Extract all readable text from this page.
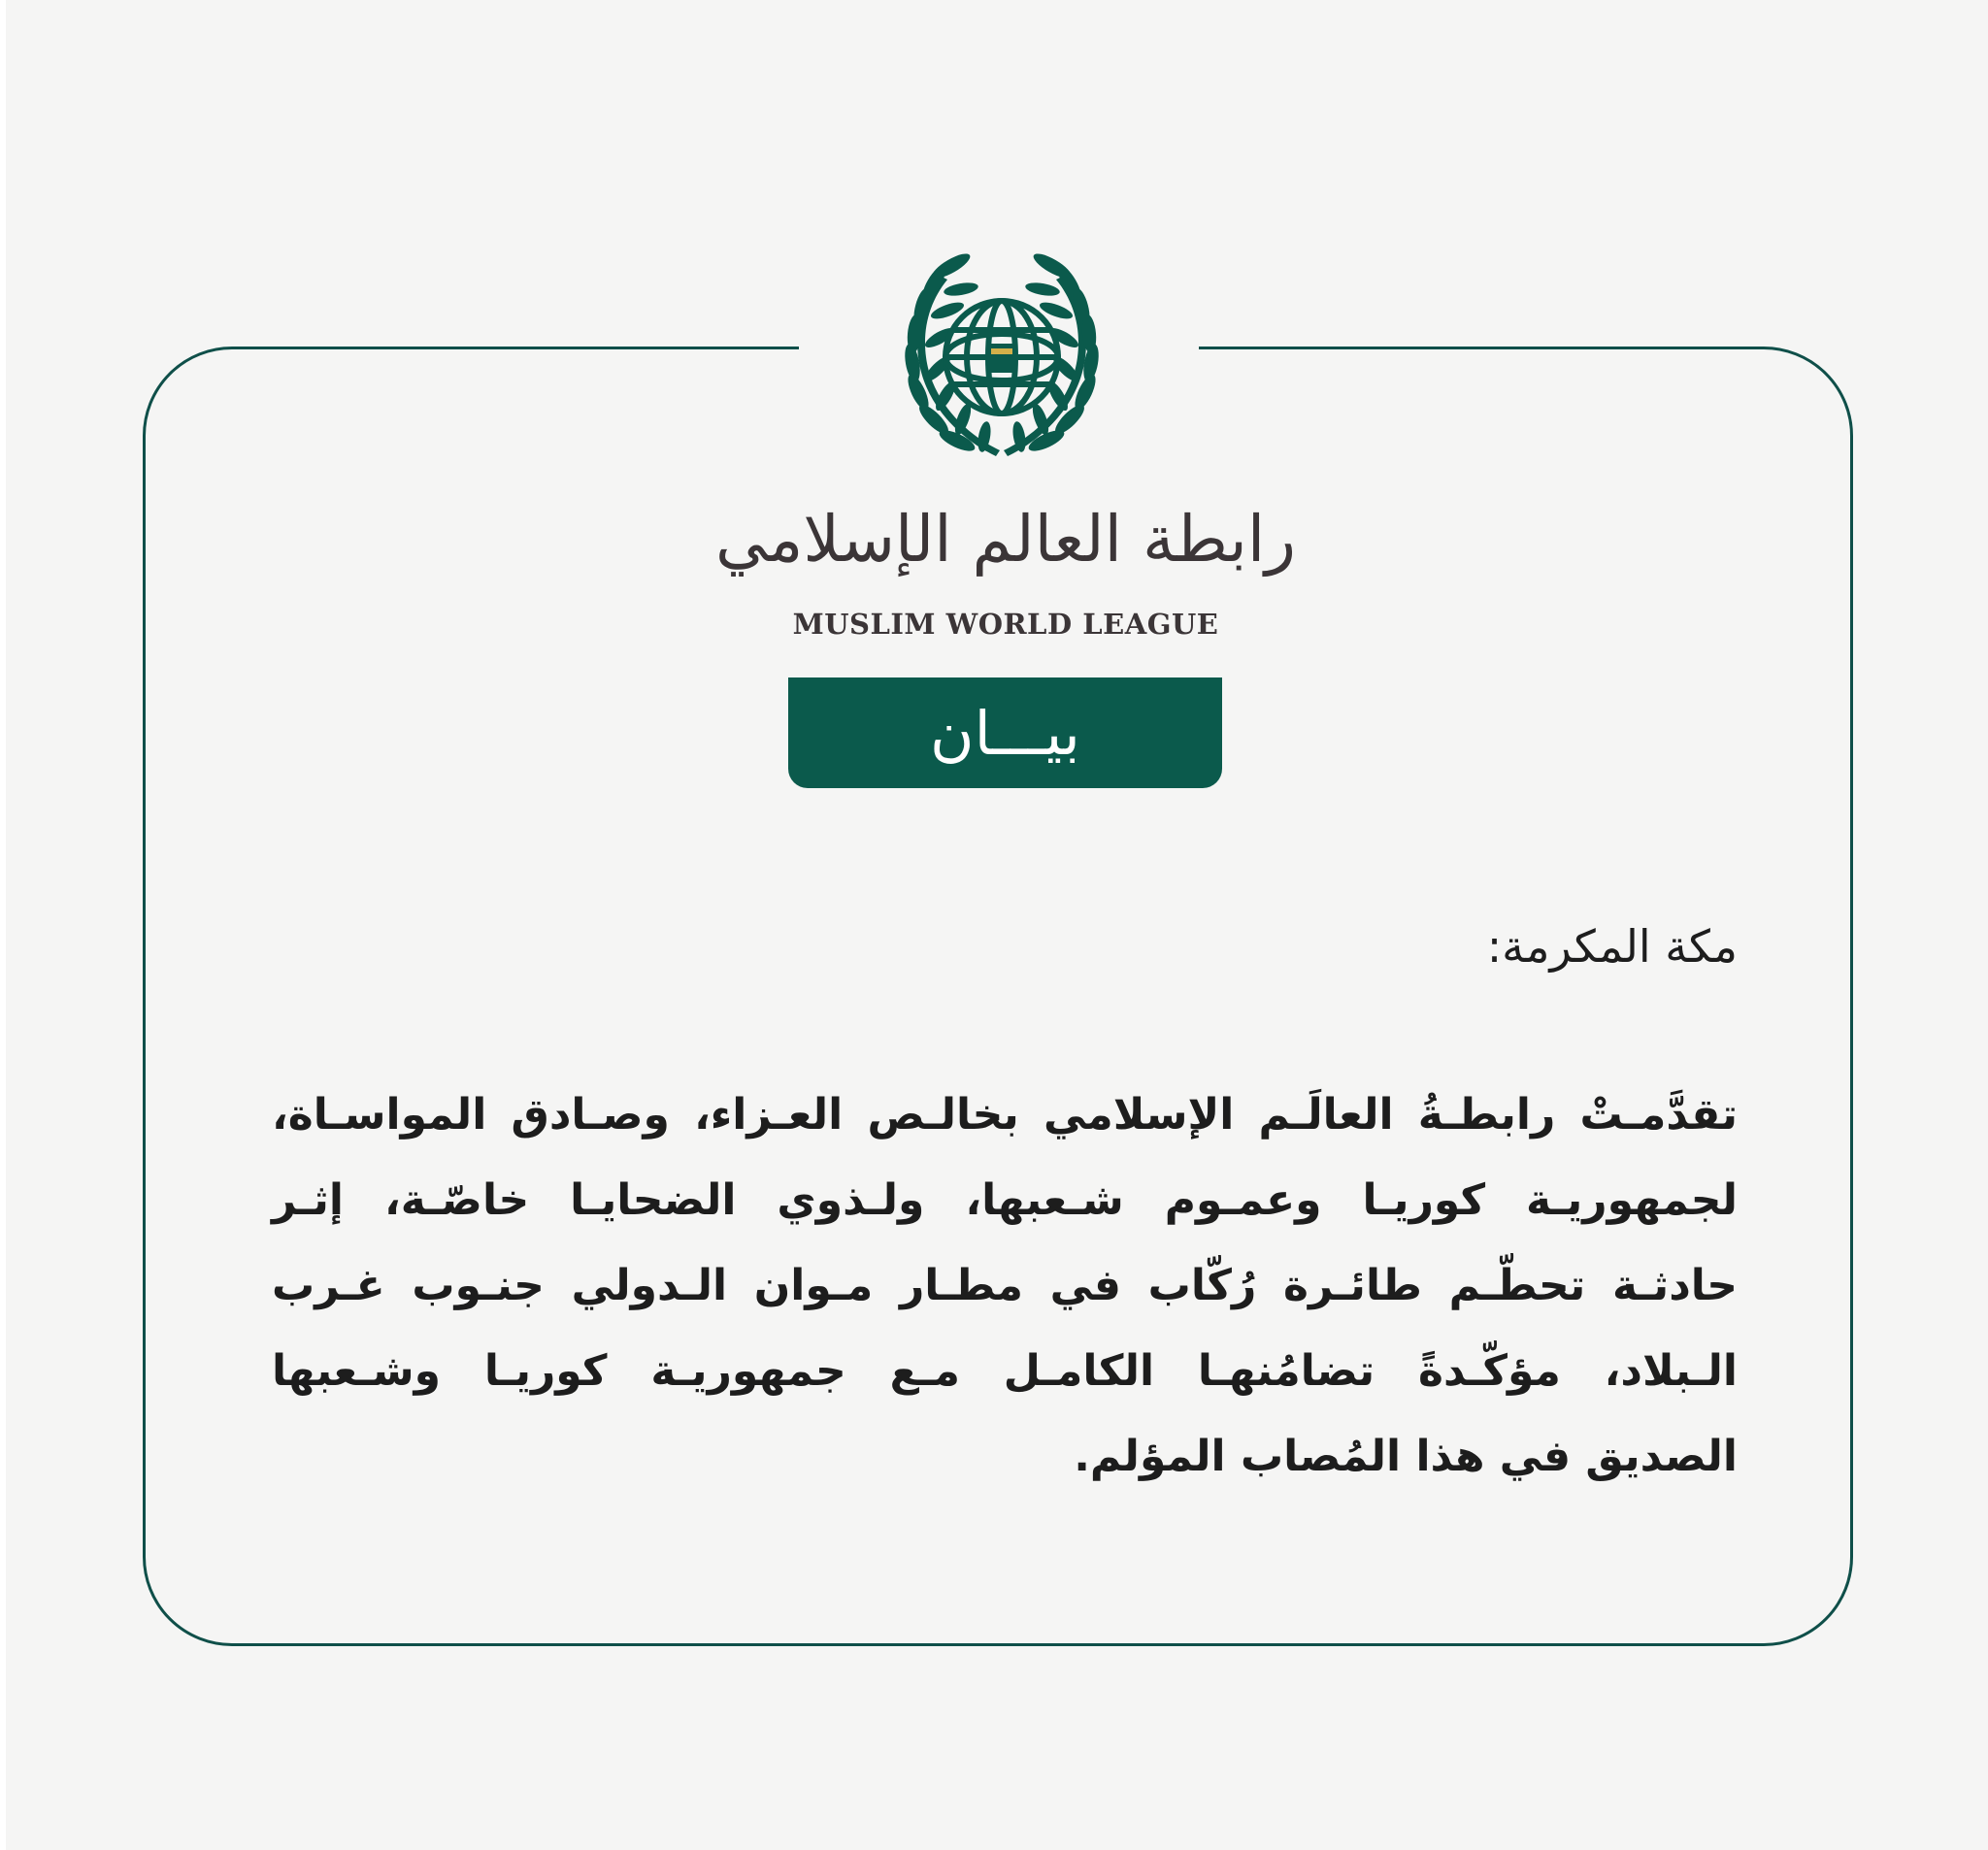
رابطة العالم الإسلامي
MUSLIM WORLD LEAGUE
بيـــان
مكة المكرمة:
تقدَّمـتْ رابطـةُ العالَـم الإسلامي بخالـص العـزاء، وصـادق المواسـاة،
لجمهوريـة كوريـا وعمـوم شـعبها، ولـذوي الضحايـا خاصّـة، إثـر
حادثـة تحطّـم طائـرة رُكّاب في مطـار مـوان الـدولي جنـوب غـرب
الـبلاد، مؤكّـدةً تضامُنهـا الكامـل مـع جمهوريـة كوريـا وشـعبها
الصديق في هذا المُصاب المؤلم.
